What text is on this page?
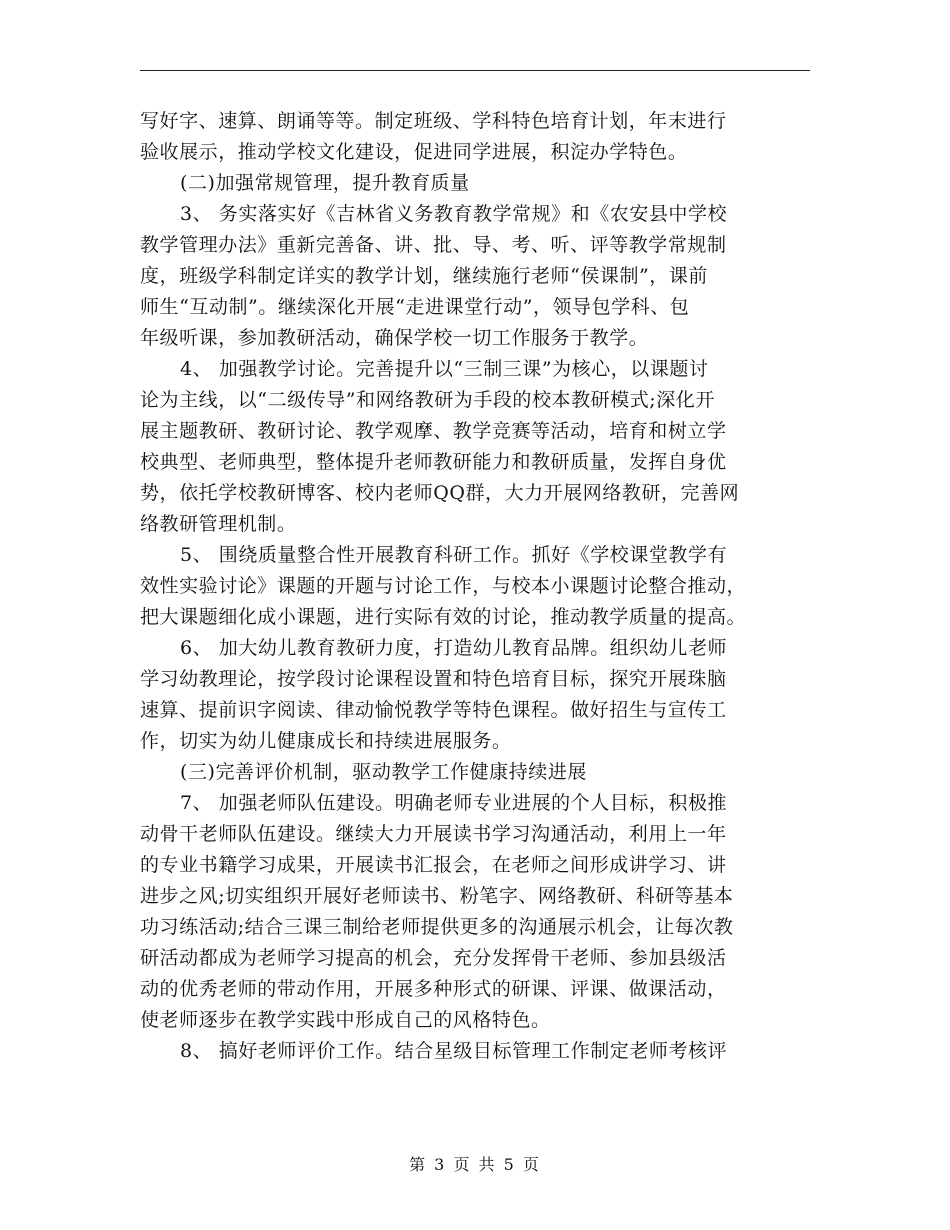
写好字、速算、朗诵等等。制定班级、学科特色培育计划，年末进行
验收展示，推动学校文化建设，促进同学进展，积淀办学特色。
(二)加强常规管理，提升教育质量
3、 务实落实好《吉林省义务教育教学常规》和《农安县中学校
教学管理办法》重新完善备、讲、批、导、考、听、评等教学常规制
度，班级学科制定详实的教学计划，继续施行老师“侯课制”，课前
师生“互动制”。继续深化开展“走进课堂行动”，领导包学科、包
年级听课，参加教研活动，确保学校一切工作服务于教学。
4、 加强教学讨论。完善提升以“三制三课”为核心，以课题讨
论为主线，以“二级传导”和网络教研为手段的校本教研模式;深化开
展主题教研、教研讨论、教学观摩、教学竞赛等活动，培育和树立学
校典型、老师典型，整体提升老师教研能力和教研质量，发挥自身优
势，依托学校教研博客、校内老师QQ群，大力开展网络教研，完善网
络教研管理机制。
5、 围绕质量整合性开展教育科研工作。抓好《学校课堂教学有
效性实验讨论》课题的开题与讨论工作，与校本小课题讨论整合推动，
把大课题细化成小课题，进行实际有效的讨论，推动教学质量的提高。
6、 加大幼儿教育教研力度，打造幼儿教育品牌。组织幼儿老师
学习幼教理论，按学段讨论课程设置和特色培育目标，探究开展珠脑
速算、提前识字阅读、律动愉悦教学等特色课程。做好招生与宣传工
作，切实为幼儿健康成长和持续进展服务。
(三)完善评价机制，驱动教学工作健康持续进展
7、 加强老师队伍建设。明确老师专业进展的个人目标，积极推
动骨干老师队伍建设。继续大力开展读书学习沟通活动，利用上一年
的专业书籍学习成果，开展读书汇报会，在老师之间形成讲学习、讲
进步之风;切实组织开展好老师读书、粉笔字、网络教研、科研等基本
功习练活动;结合三课三制给老师提供更多的沟通展示机会，让每次教
研活动都成为老师学习提高的机会，充分发挥骨干老师、参加县级活
动的优秀老师的带动作用，开展多种形式的研课、评课、做课活动，
使老师逐步在教学实践中形成自己的风格特色。
8、 搞好老师评价工作。结合星级目标管理工作制定老师考核评
第 3 页 共 5 页
